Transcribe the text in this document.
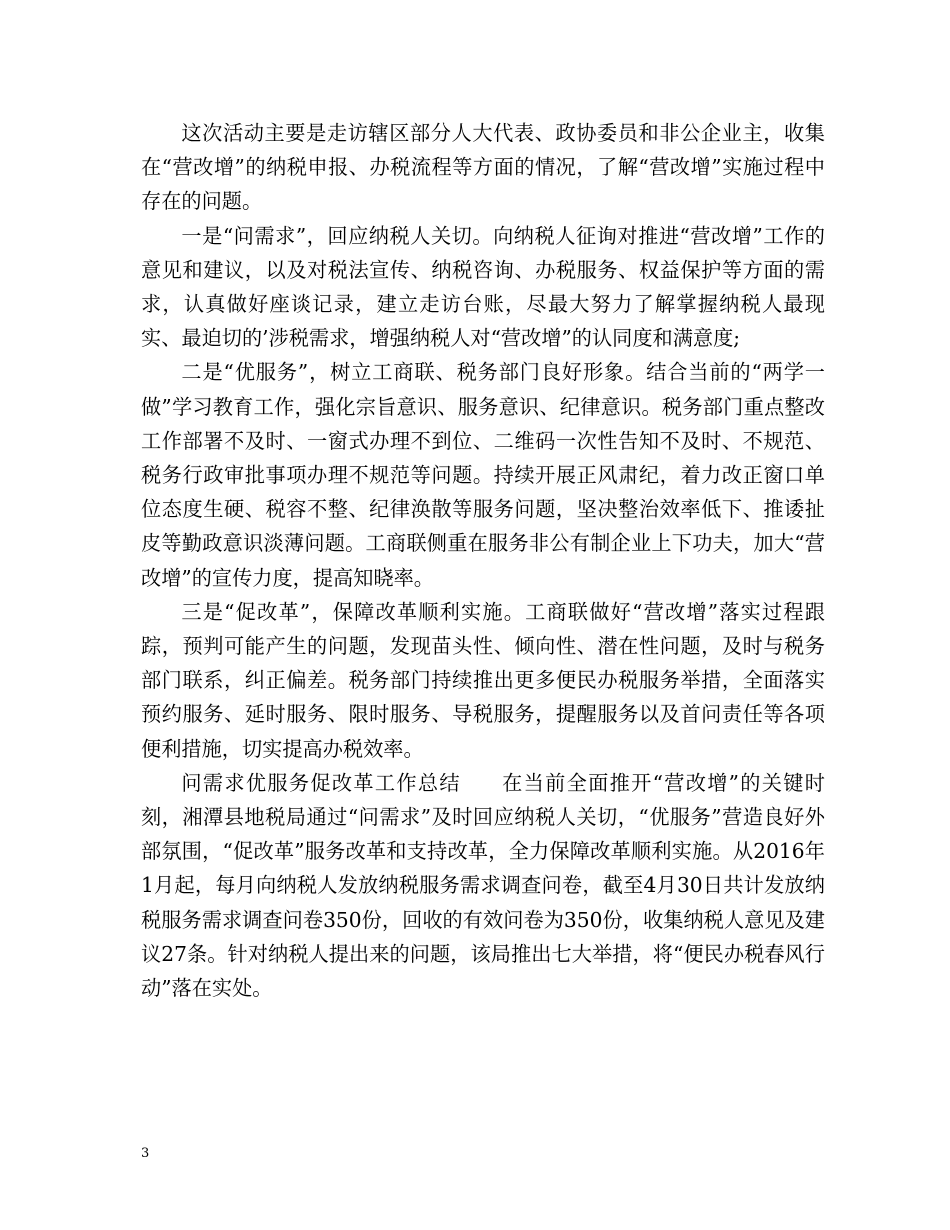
这次活动主要是走访辖区部分人大代表、政协委员和非公企业主，收集在“营改增”的纳税申报、办税流程等方面的情况，了解“营改增”实施过程中存在的问题。

一是“问需求”，回应纳税人关切。向纳税人征询对推进“营改增”工作的意见和建议，以及对税法宣传、纳税咨询、办税服务、权益保护等方面的需求，认真做好座谈记录，建立走访台账，尽最大努力了解掌握纳税人最现实、最迫切的’涉税需求，增强纳税人对“营改增”的认同度和满意度;

二是“优服务”，树立工商联、税务部门良好形象。结合当前的“两学一做”学习教育工作，强化宗旨意识、服务意识、纪律意识。税务部门重点整改工作部署不及时、一窗式办理不到位、二维码一次性告知不及时、不规范、税务行政审批事项办理不规范等问题。持续开展正风肃纪，着力改正窗口单位态度生硬、税容不整、纪律涣散等服务问题，坚决整治效率低下、推诿扯皮等勤政意识淡薄问题。工商联侧重在服务非公有制企业上下功夫，加大“营改增”的宣传力度，提高知晓率。

三是“促改革”，保障改革顺利实施。工商联做好“营改增”落实过程跟踪，预判可能产生的问题，发现苗头性、倾向性、潜在性问题，及时与税务部门联系，纠正偏差。税务部门持续推出更多便民办税服务举措，全面落实预约服务、延时服务、限时服务、导税服务，提醒服务以及首问责任等各项便利措施，切实提高办税效率。

问需求优服务促改革工作总结 在当前全面推开“营改增”的关键时刻，湘潭县地税局通过“问需求”及时回应纳税人关切，“优服务”营造良好外部氛围，“促改革”服务改革和支持改革，全力保障改革顺利实施。从2016年1月起，每月向纳税人发放纳税服务需求调查问卷，截至4月30日共计发放纳税服务需求调查问卷350份，回收的有效问卷为350份，收集纳税人意见及建议27条。针对纳税人提出来的问题，该局推出七大举措，将“便民办税春风行动”落在实处。

3
